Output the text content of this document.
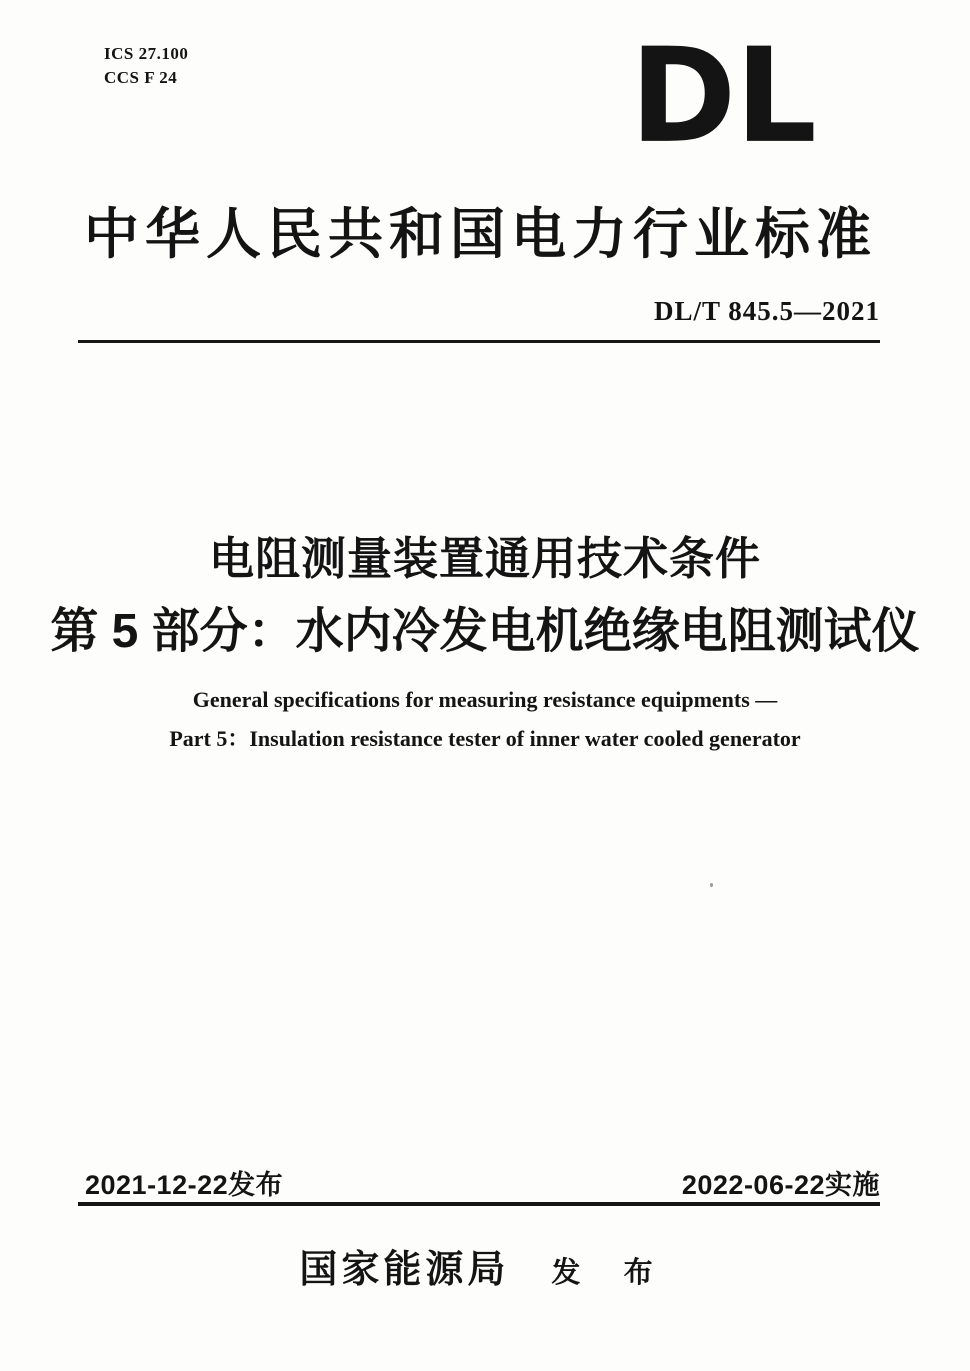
ICS 27.100
CCS F 24	DL
中华人民共和国电力行业标准
DL/T 845.5—2021
电阻测量装置通用技术条件
第 5 部分：水内冷发电机绝缘电阻测试仪
General specifications for measuring resistance equipments —
Part 5：Insulation resistance tester of inner water cooled generator
2021-12-22发布	2022-06-22实施
国家能源局 发 布
